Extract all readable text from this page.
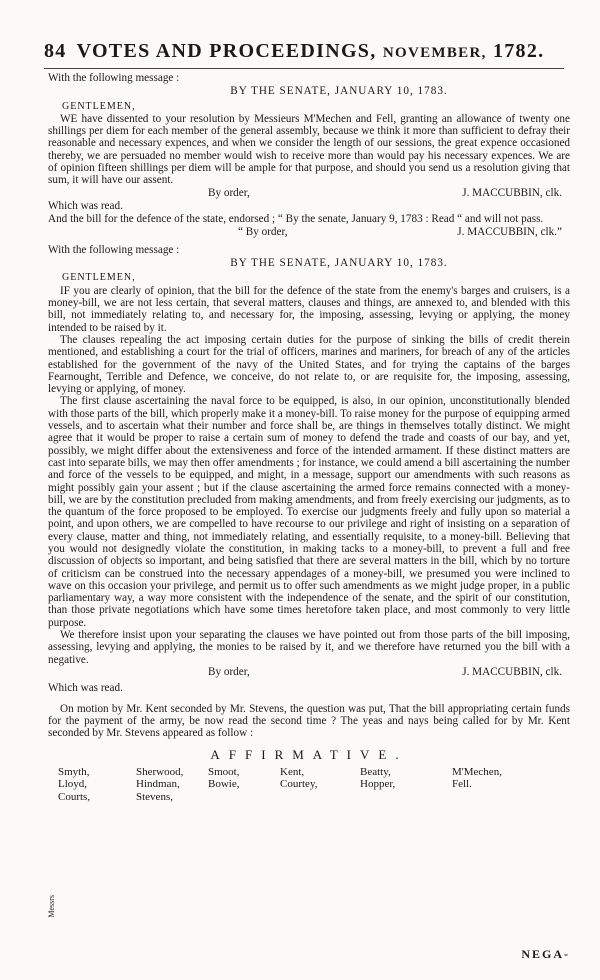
84 VOTES AND PROCEEDINGS, NOVEMBER, 1782.

With the following message :

BY THE SENATE, JANUARY 10, 1783.

GENTLEMEN,

WE have dissented to your resolution by Messieurs M'Mechen and Fell, granting an allowance of twenty one shillings per diem for each member of the general assembly, because we think it more than sufficient to defray their reasonable and necessary expences, and when we consider the length of our sessions, the great expence occasioned thereby, we are persuaded no member would wish to receive more than would pay his necessary expences. We are of opinion fifteen shillings per diem will be ample for that purpose, and should you send us a resolution giving that sum, it will have our assent.

By order,	J. MACCUBBIN, clk.

Which was read.

And the bill for the defence of the state, endorsed ; “ By the senate, January 9, 1783 : Read “ and will not pass.

“ By order,	J. MACCUBBIN, clk.”

With the following message :

BY THE SENATE, JANUARY 10, 1783.

GENTLEMEN,

IF you are clearly of opinion, that the bill for the defence of the state from the enemy's barges and cruisers, is a money-bill, we are not less certain, that several matters, clauses and things, are annexed to, and blended with this bill, not immediately relating to, and necessary for, the imposing, assessing, levying or applying, the money intended to be raised by it.

The clauses repealing the act imposing certain duties for the purpose of sinking the bills of credit therein mentioned, and establishing a court for the trial of officers, marines and mariners, for breach of any of the articles established for the government of the navy of the United States, and for trying the captains of the barges Fearnought, Terrible and Defence, we conceive, do not relate to, or are requisite for, the imposing, assessing, levying or applying, of money.

The first clause ascertaining the naval force to be equipped, is also, in our opinion, unconstitutionally blended with those parts of the bill, which properly make it a money-bill. To raise money for the purpose of equipping armed vessels, and to ascertain what their number and force shall be, are things in themselves totally distinct. We might agree that it would be proper to raise a certain sum of money to defend the trade and coasts of our bay, and yet, possibly, we might differ about the extensiveness and force of the intended armament. If these distinct matters are cast into separate bills, we may then offer amendments ; for instance, we could amend a bill ascertaining the number and force of the vessels to be equipped, and might, in a message, support our amendments with such reasons as might possibly gain your assent ; but if the clause ascertaining the armed force remains connected with a money-bill, we are by the constitution precluded from making amendments, and from freely exercising our judgments, as to the quantum of the force proposed to be employed. To exercise our judgments freely and fully upon so material a point, and upon others, we are compelled to have recourse to our privilege and right of insisting on a separation of every clause, matter and thing, not immediately relating, and essentially requisite, to a money-bill. Believing that you would not designedly violate the constitution, in making tacks to a money-bill, to prevent a full and free discussion of objects so important, and being satisfied that there are several matters in the bill, which by no torture of criticism can be construed into the necessary appendages of a money-bill, we presumed you were inclined to wave on this occasion your privilege, and permit us to offer such amendments as we might judge proper, in a public parliamentary way, a way more consistent with the independence of the senate, and the spirit of our constitution, than those private negotiations which have some times heretofore taken place, and most commonly to very little purpose.

We therefore insist upon your separating the clauses we have pointed out from those parts of the bill imposing, assessing, levying and applying, the monies to be raised by it, and we therefore have returned you the bill with a negative.

By order,	J. MACCUBBIN, clk.

Which was read.

On motion by Mr. Kent seconded by Mr. Stevens, the question was put, That the bill appropriating certain funds for the payment of the army, be now read the second time ? The yeas and nays being called for by Mr. Kent seconded by Mr. Stevens appeared as follow :

AFFIRMATIVE.

Smyth,	Sherwood,	Smoot,	Kent,	Beatty,	M'Mechen,
Lloyd,	Hindman,	Bowie,	Courtey,	Hopper,	Fell.
Courts,	Stevens,
Messrs
NEGA-
